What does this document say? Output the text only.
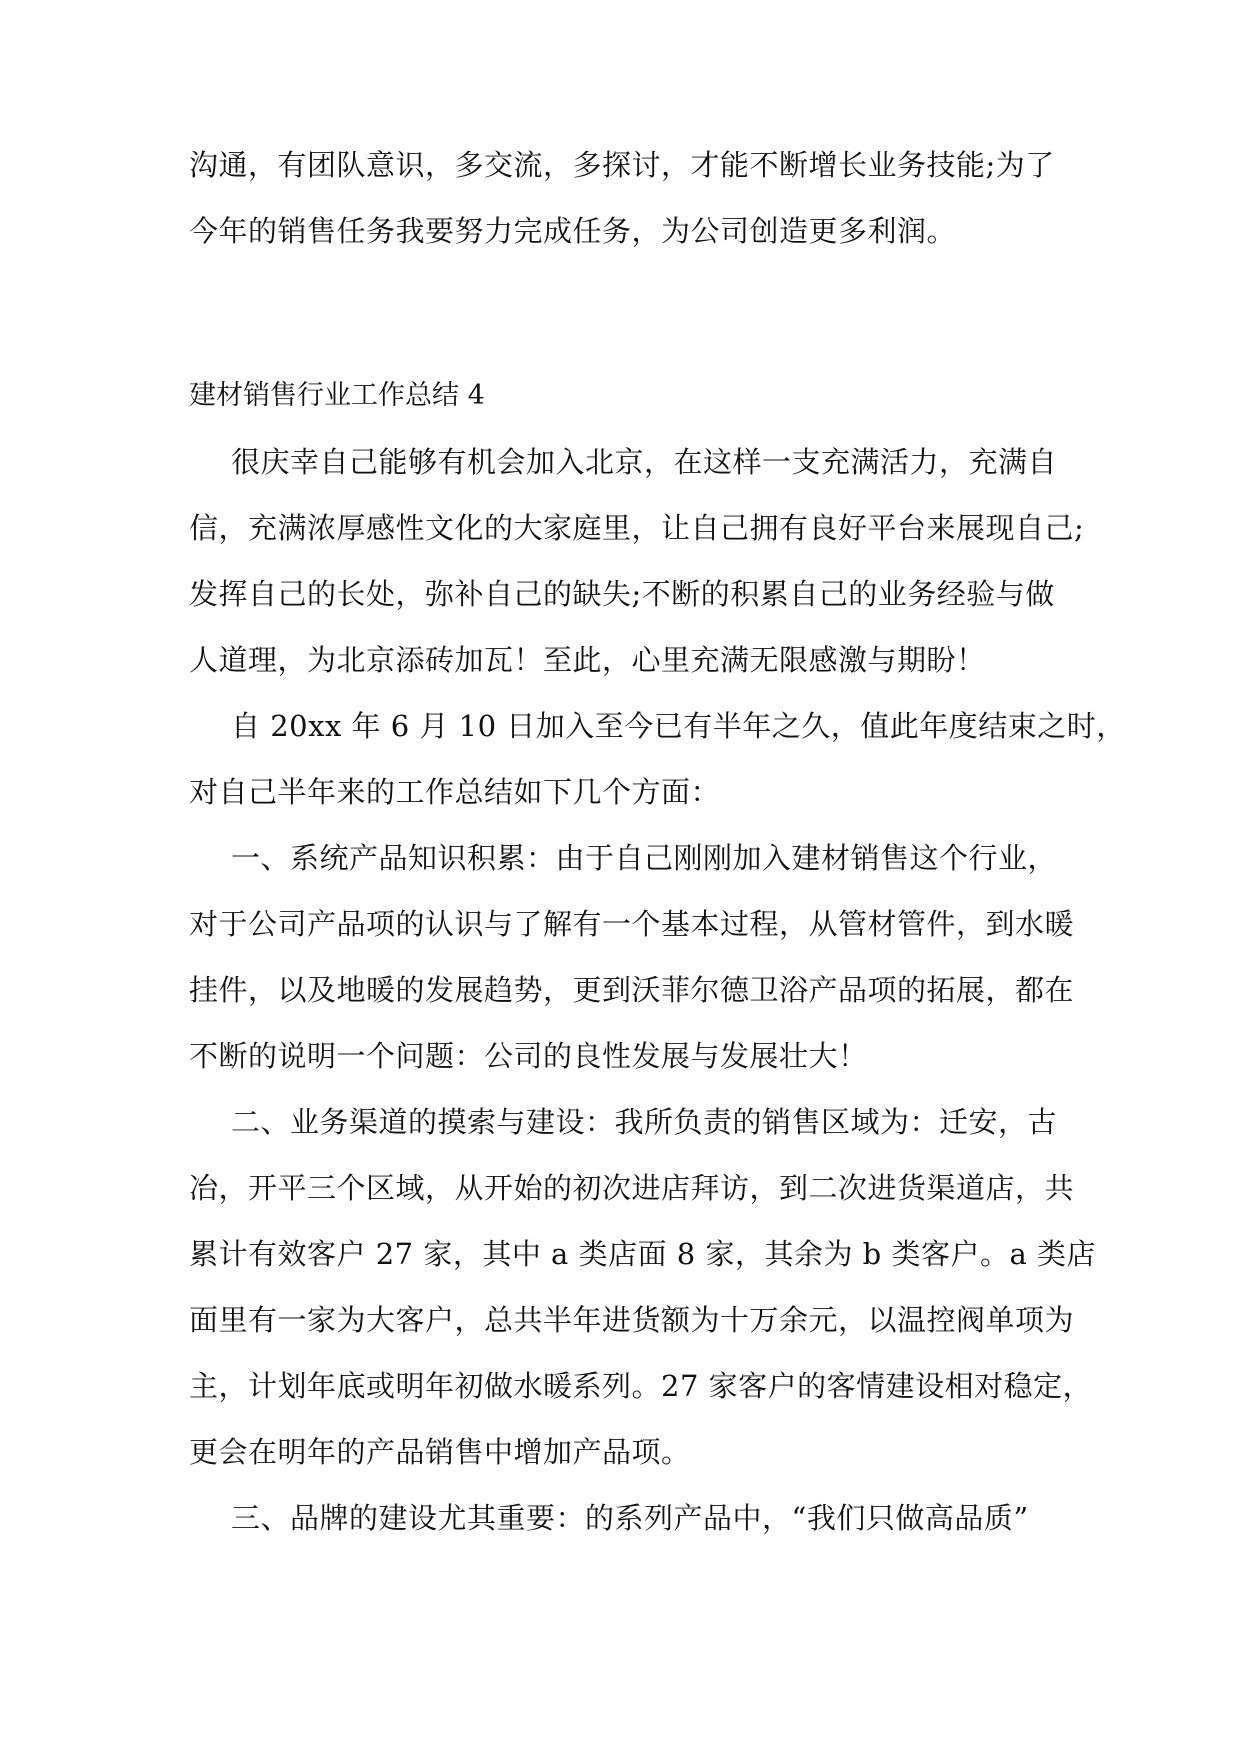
沟通，有团队意识，多交流，多探讨，才能不断增长业务技能;为了
今年的销售任务我要努力完成任务，为公司创造更多利润。
建材销售行业工作总结 4
很庆幸自己能够有机会加入北京，在这样一支充满活力，充满自
信，充满浓厚感性文化的大家庭里，让自己拥有良好平台来展现自己;
发挥自己的长处，弥补自己的缺失;不断的积累自己的业务经验与做
人道理，为北京添砖加瓦！至此，心里充满无限感激与期盼！
自 20xx 年 6 月 10 日加入至今已有半年之久，值此年度结束之时，
对自己半年来的工作总结如下几个方面：
一、系统产品知识积累：由于自己刚刚加入建材销售这个行业，
对于公司产品项的认识与了解有一个基本过程，从管材管件，到水暖
挂件，以及地暖的发展趋势，更到沃菲尔德卫浴产品项的拓展，都在
不断的说明一个问题：公司的良性发展与发展壮大！
二、业务渠道的摸索与建设：我所负责的销售区域为：迁安，古
冶，开平三个区域，从开始的初次进店拜访，到二次进货渠道店，共
累计有效客户 27 家，其中 a 类店面 8 家，其余为 b 类客户。a 类店
面里有一家为大客户，总共半年进货额为十万余元，以温控阀单项为
主，计划年底或明年初做水暖系列。27 家客户的客情建设相对稳定，
更会在明年的产品销售中增加产品项。
三、品牌的建设尤其重要：的系列产品中，“我们只做高品质”
